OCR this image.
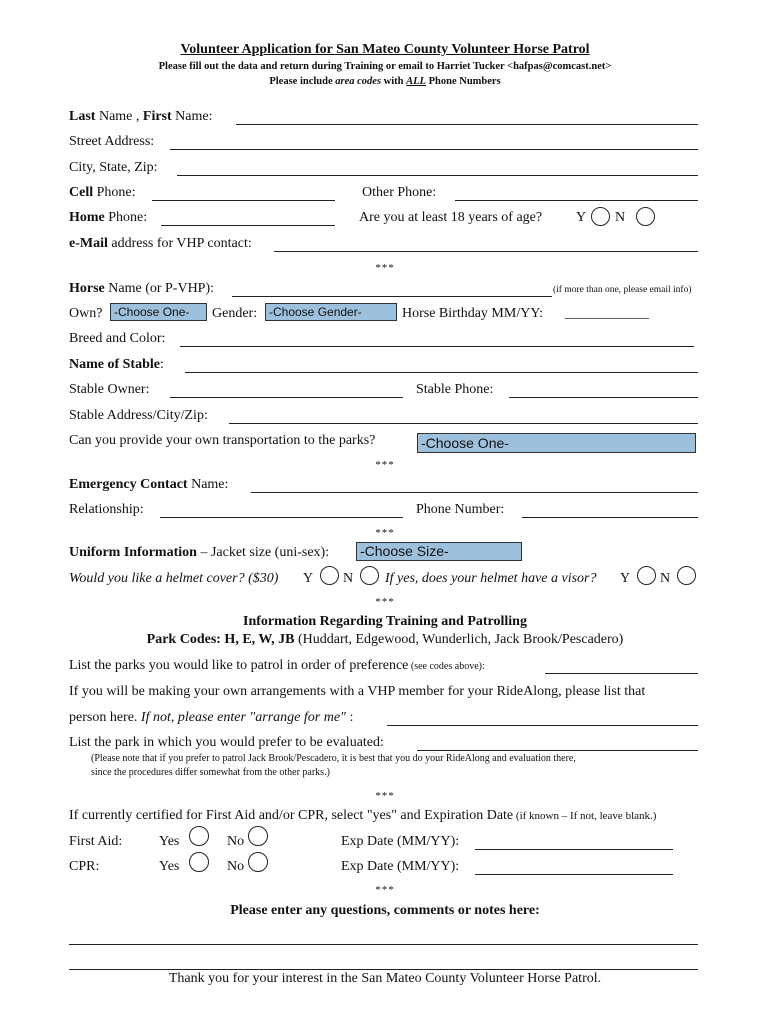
Volunteer Application for San Mateo County Volunteer Horse Patrol
Please fill out the data and return during Training or email to Harriet Tucker <hafpas@comcast.net>
Please include area codes with ALL Phone Numbers
Last Name , First Name:
Street Address:
City, State, Zip:
Cell Phone:	Other Phone:
Home Phone:	Are you at least 18 years of age? Y N
e-Mail address for VHP contact:
***
Horse Name (or P-VHP):	(if more than one, please email info)
Own? -Choose One-	Gender: -Choose Gender-	Horse Birthday MM/YY: ____________
Breed and Color:
Name of Stable:
Stable Owner:	Stable Phone:
Stable Address/City/Zip:
Can you provide your own transportation to the parks?	-Choose One-
***
Emergency Contact Name:
Relationship:	Phone Number:
***
Uniform Information – Jacket size (uni-sex): -Choose Size-
Would you like a helmet cover? ($30) Y N If yes, does your helmet have a visor? Y N
***
Information Regarding Training and Patrolling
Park Codes: H, E, W, JB (Huddart, Edgewood, Wunderlich, Jack Brook/Pescadero)
List the parks you would like to patrol in order of preference (see codes above):
If you will be making your own arrangements with a VHP member for your RideAlong, please list that
person here. If not, please enter "arrange for me" :
List the park in which you would prefer to be evaluated:
(Please note that if you prefer to patrol Jack Brook/Pescadero, it is best that you do your RideAlong and evaluation there,
since the procedures differ somewhat from the other parks.)
***
If currently certified for First Aid and/or CPR, select "yes" and Expiration Date (if known – If not, leave blank.)
First Aid:	Yes	No	Exp Date (MM/YY):
CPR:	Yes	No	Exp Date (MM/YY):
***
Please enter any questions, comments or notes here:
Thank you for your interest in the San Mateo County Volunteer Horse Patrol.
